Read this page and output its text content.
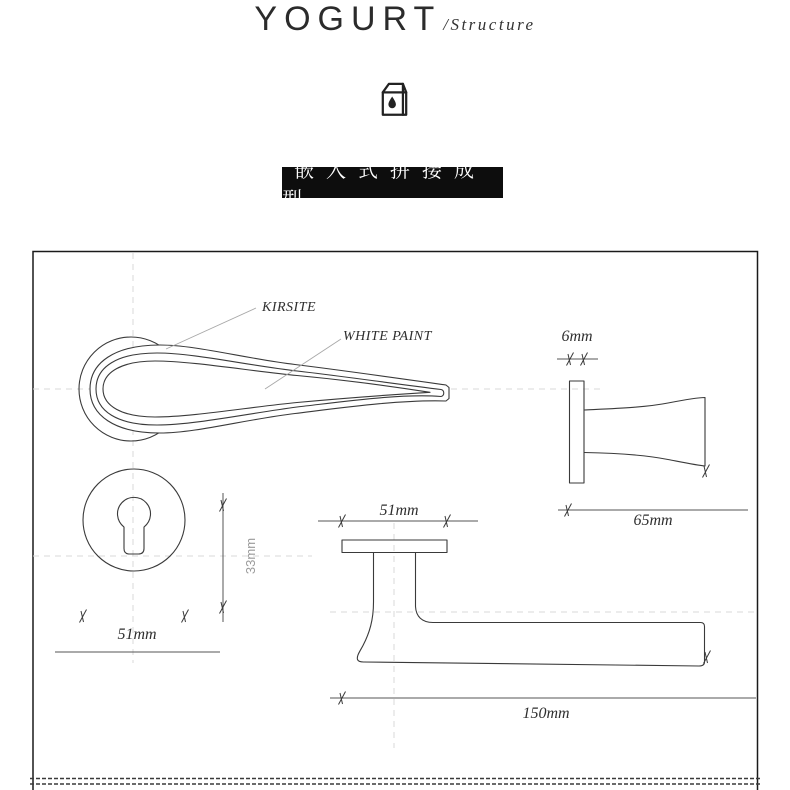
YOGURT /Structure
嵌入式拼接成型
KIRSITE
WHITE PAINT	6mm
65mm
33mm
51mm
51mm
150mm
